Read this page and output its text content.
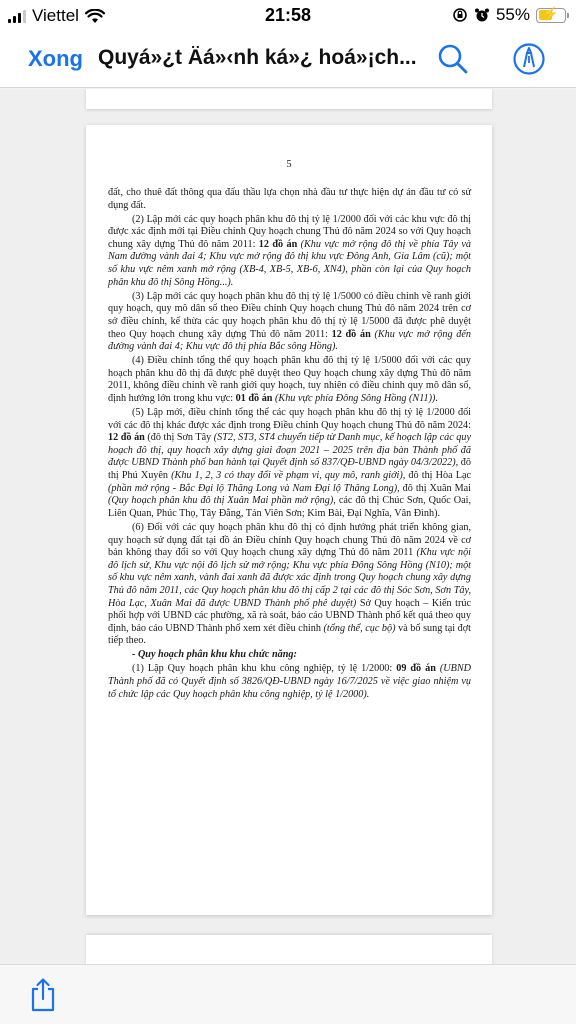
Viettel	21:58	55% ⚡
Xong Quyá»¿t Äá»‹nh ká»¿ hoá»¡ch...
5

đất, cho thuê đất thông qua đấu thầu lựa chọn nhà đầu tư thực hiện dự án đầu tư có sử dụng đất.

(2) Lập mới các quy hoạch phân khu đô thị tỷ lệ 1/2000 đối với các khu vực đô thị được xác định mới tại Điều chỉnh Quy hoạch chung Thủ đô năm 2024 so với Quy hoạch chung xây dựng Thủ đô năm 2011: 12 đồ án (Khu vực mở rộng đô thị về phía Tây và Nam đường vành đai 4; Khu vực mở rộng đô thị khu vực Đông Anh, Gia Lâm (cũ); một số khu vực nêm xanh mở rộng (XB-4, XB-5, XB-6, XN4), phần còn lại của Quy hoạch phân khu đô thị Sông Hồng...).

(3) Lập mới các quy hoạch phân khu đô thị tỷ lệ 1/5000 có điều chỉnh về ranh giới quy hoạch, quy mô dân số theo Điều chỉnh Quy hoạch chung Thủ đô năm 2024 trên cơ sở điều chỉnh, kế thừa các quy hoạch phân khu đô thị tỷ lệ 1/5000 đã được phê duyệt theo Quy hoạch chung xây dựng Thủ đô năm 2011: 12 đồ án (Khu vực mở rộng đến đường vành đai 4; Khu vực đô thị phía Bắc sông Hồng).

(4) Điều chỉnh tổng thể quy hoạch phân khu đô thị tỷ lệ 1/5000 đối với các quy hoạch phân khu đô thị đã được phê duyệt theo Quy hoạch chung xây dựng Thủ đô năm 2011, không điều chỉnh về ranh giới quy hoạch, tuy nhiên có điều chỉnh quy mô dân số, định hướng lớn trong khu vực: 01 đồ án (Khu vực phía Đông Sông Hồng (N11)).

(5) Lập mới, điều chỉnh tổng thể các quy hoạch phân khu đô thị tỷ lệ 1/2000 đối với các đô thị khác được xác định trong Điều chỉnh Quy hoạch chung Thủ đô năm 2024: 12 đồ án (đô thị Sơn Tây (ST2, ST3, ST4 chuyển tiếp từ Danh mục, kế hoạch lập các quy hoạch đô thị, quy hoạch xây dựng giai đoạn 2021 – 2025 trên địa bàn Thành phố đã được UBND Thành phố ban hành tại Quyết định số 837/QĐ-UBND ngày 04/3/2022), đô thị Phú Xuyên (Khu 1, 2, 3 có thay đổi về phạm vi, quy mô, ranh giới), đô thị Hòa Lạc (phần mở rộng - Bắc Đại lộ Thăng Long và Nam Đại lộ Thăng Long), đô thị Xuân Mai (Quy hoạch phân khu đô thị Xuân Mai phần mở rộng), các đô thị Chúc Sơn, Quốc Oai, Liên Quan, Phúc Thọ, Tây Đằng, Tản Viên Sơn; Kim Bài, Đại Nghĩa, Vân Đình).

(6) Đối với các quy hoạch phân khu đô thị có định hướng phát triển không gian, quy hoạch sử dụng đất tại đồ án Điều chỉnh Quy hoạch chung Thủ đô năm 2024 về cơ bản không thay đổi so với Quy hoạch chung xây dựng Thủ đô năm 2011 (Khu vực nội đô lịch sử, Khu vực nội đô lịch sử mở rộng; Khu vực phía Đông Sông Hồng (N10); một số khu vực nêm xanh, vành đai xanh đã được xác định trong Quy hoạch chung xây dựng Thủ đô năm 2011, các Quy hoạch phân khu đô thị cấp 2 tại các đô thị Sóc Sơn, Sơn Tây, Hòa Lạc, Xuân Mai đã được UBND Thành phố phê duyệt) Sở Quy hoạch – Kiến trúc phối hợp với UBND các phường, xã rà soát, báo cáo UBND Thành phố kết quả theo quy định, báo cáo UBND Thành phố xem xét điều chỉnh (tổng thể, cục bộ) và bổ sung tại đợt tiếp theo.

- Quy hoạch phân khu khu chức năng:

(1) Lập Quy hoạch phân khu khu công nghiệp, tỷ lệ 1/2000: 09 đồ án (UBND Thành phố đã có Quyết định số 3826/QĐ-UBND ngày 16/7/2025 về việc giao nhiệm vụ tổ chức lập các Quy hoạch phân khu công nghiệp, tỷ lệ 1/2000).
